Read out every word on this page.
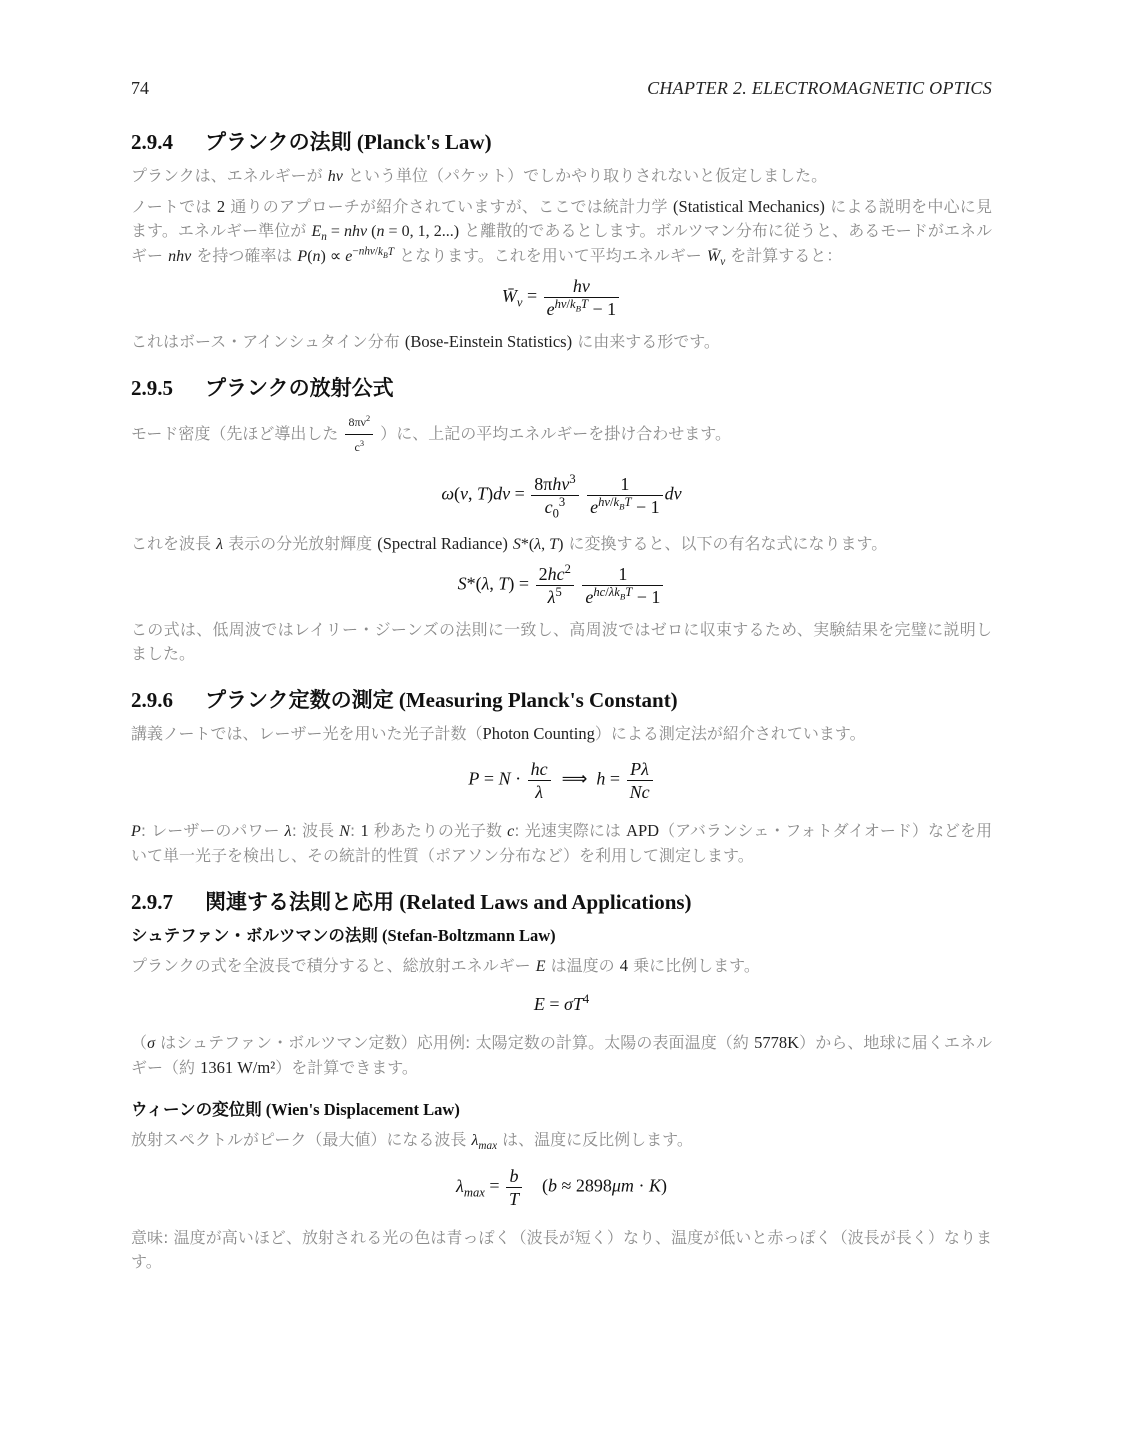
74	CHAPTER 2. ELECTROMAGNETIC OPTICS
2.9.4 プランクの法則 (Planck's Law)

プランクは、エネルギーが hν という単位（パケット）でしかやり取りされないと仮定しました。

ノートでは 2 通りのアプローチが紹介されていますが、ここでは統計力学 (Statistical Mechanics) による説明を中心に見ます。エネルギー準位が $E_n = nh\nu$ (n = 0, 1, 2...) と離散的であるとします。ボルツマン分布に従うと、あるモードがエネルギー nhν を持つ確率は $P(n) \propto e^{-nh\nu/k_BT}$ となります。これを用いて平均エネルギー $W̄_\nu$ を計算すると：

$W̄_\nu = \frac{h\nu}{e^{h\nu/k_BT} - 1}$

これはボース・アインシュタイン分布 (Bose-Einstein Statistics) に由来する形です。

2.9.5 プランクの放射公式

モード密度（先ほど導出した $\frac{8\pi\nu^2}{c^3}$ ）に、上記の平均エネルギーを掛け合わせます。

ω(ν, $T)d\nu = \frac{8\pi h\nu^3}{c_0^3}$
$\frac{1}{e^{h\nu/k_BT} - 1}$ dν

これを波長 λ 表示の分光放射輝度 (Spectral Radiance) S*(λ, T) に変換すると、以下の有名な式になります。

S*(λ, $T) = \frac{2hc^2}{\lambda^5}$
$\frac{1}{e^{hc/\lambda k_BT} - 1}$

この式は、低周波ではレイリー・ジーンズの法則に一致し、高周波ではゼロに収束するため、実験結果を完璧に説明しました。

2.9.6 プランク定数の測定 (Measuring Planck's Constant)

講義ノートでは、レーザー光を用いた光子計数（Photon Counting）による測定法が紹介されています。

$P = N \cdot \frac{hc}{\lambda}$ ⟹  $h = \frac{P\lambda}{Nc}$

P: レーザーのパワー λ: 波長 N: 1 秒あたりの光子数 c: 光速実際には APD（アバランシェ・フォトダイオード）などを用いて単一光子を検出し、その統計的性質（ポアソン分布など）を利用して測定します。

2.9.7 関連する法則と応用 (Related Laws and Applications)
シュテファン・ボルツマンの法則 (Stefan-Boltzmann Law)

プランクの式を全波長で積分すると、総放射エネルギー E は温度の 4 乗に比例します。

$E = \sigma T^4$

（σ はシュテファン・ボルツマン定数）応用例: 太陽定数の計算。太陽の表面温度（約 5778K）から、地球に届くエネルギー（約 1361 W/m²）を計算できます。

ウィーンの変位則 (Wien's Displacement Law)

放射スペクトルがピーク（最大値）になる波長 $\lambda_{max}$ は、温度に反比例します。

$\lambda_{max} = \frac{b}{T} (b \approx 2898\mu m \cdot K)$

意味: 温度が高いほど、放射される光の色は青っぽく（波長が短く）なり、温度が低いと赤っぽく（波長が長く）なります。
